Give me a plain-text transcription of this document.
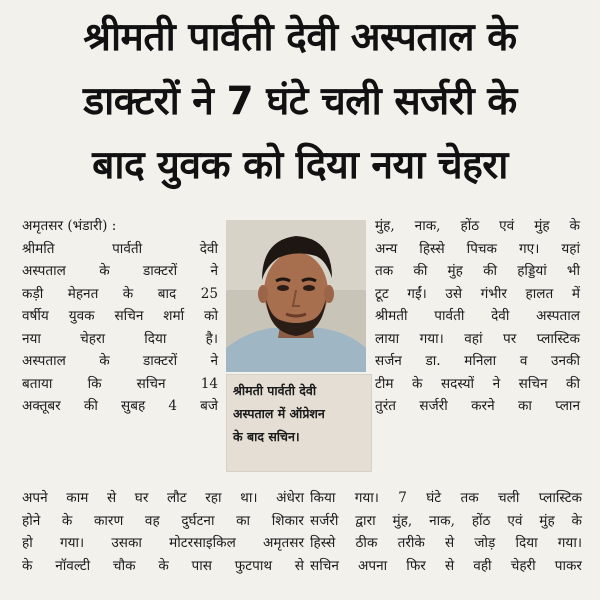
श्रीमती पार्वती देवी अस्पताल के
डाक्टरों ने 7 घंटे चली सर्जरी के
बाद युवक को दिया नया चेहरा

अमृतसर (भंडारी) :

श्रीमति पार्वती देवी

अस्पताल के डाक्टरों ने

कड़ी मेहनत के बाद 25

वर्षीय युवक सचिन शर्मा को

नया चेहरा दिया है।

अस्पताल के डाक्टरों ने

बताया कि सचिन 14

अक्तूबर की सुबह 4 बजे

श्रीमती पार्वती देवी
अस्पताल में ऑप्रेशन
के बाद सचिन।

मुंह, नाक, होंठ एवं मुंह के

अन्य हिस्से पिचक गए। यहां

तक की मुंह की हड्डियां भी

टूट गईं। उसे गंभीर हालत में

श्रीमती पार्वती देवी अस्पताल

लाया गया। वहां पर प्लास्टिक

सर्जन डा. मनिला व उनकी

टीम के सदस्यों ने सचिन की

तुरंत सर्जरी करने का प्लान

अपने काम से घर लौट रहा था। अंधेरा

होने के कारण वह दुर्घटना का शिकार

हो गया। उसका मोटरसाइकिल अमृतसर

के नॉवल्टी चौक के पास फुटपाथ से

किया गया। 7 घंटे तक चली प्लास्टिक

सर्जरी द्वारा मुंह, नाक, होंठ एवं मुंह के

हिस्से ठीक तरीके से जोड़ दिया गया।

सचिन अपना फिर से वही चेहरी पाकर
